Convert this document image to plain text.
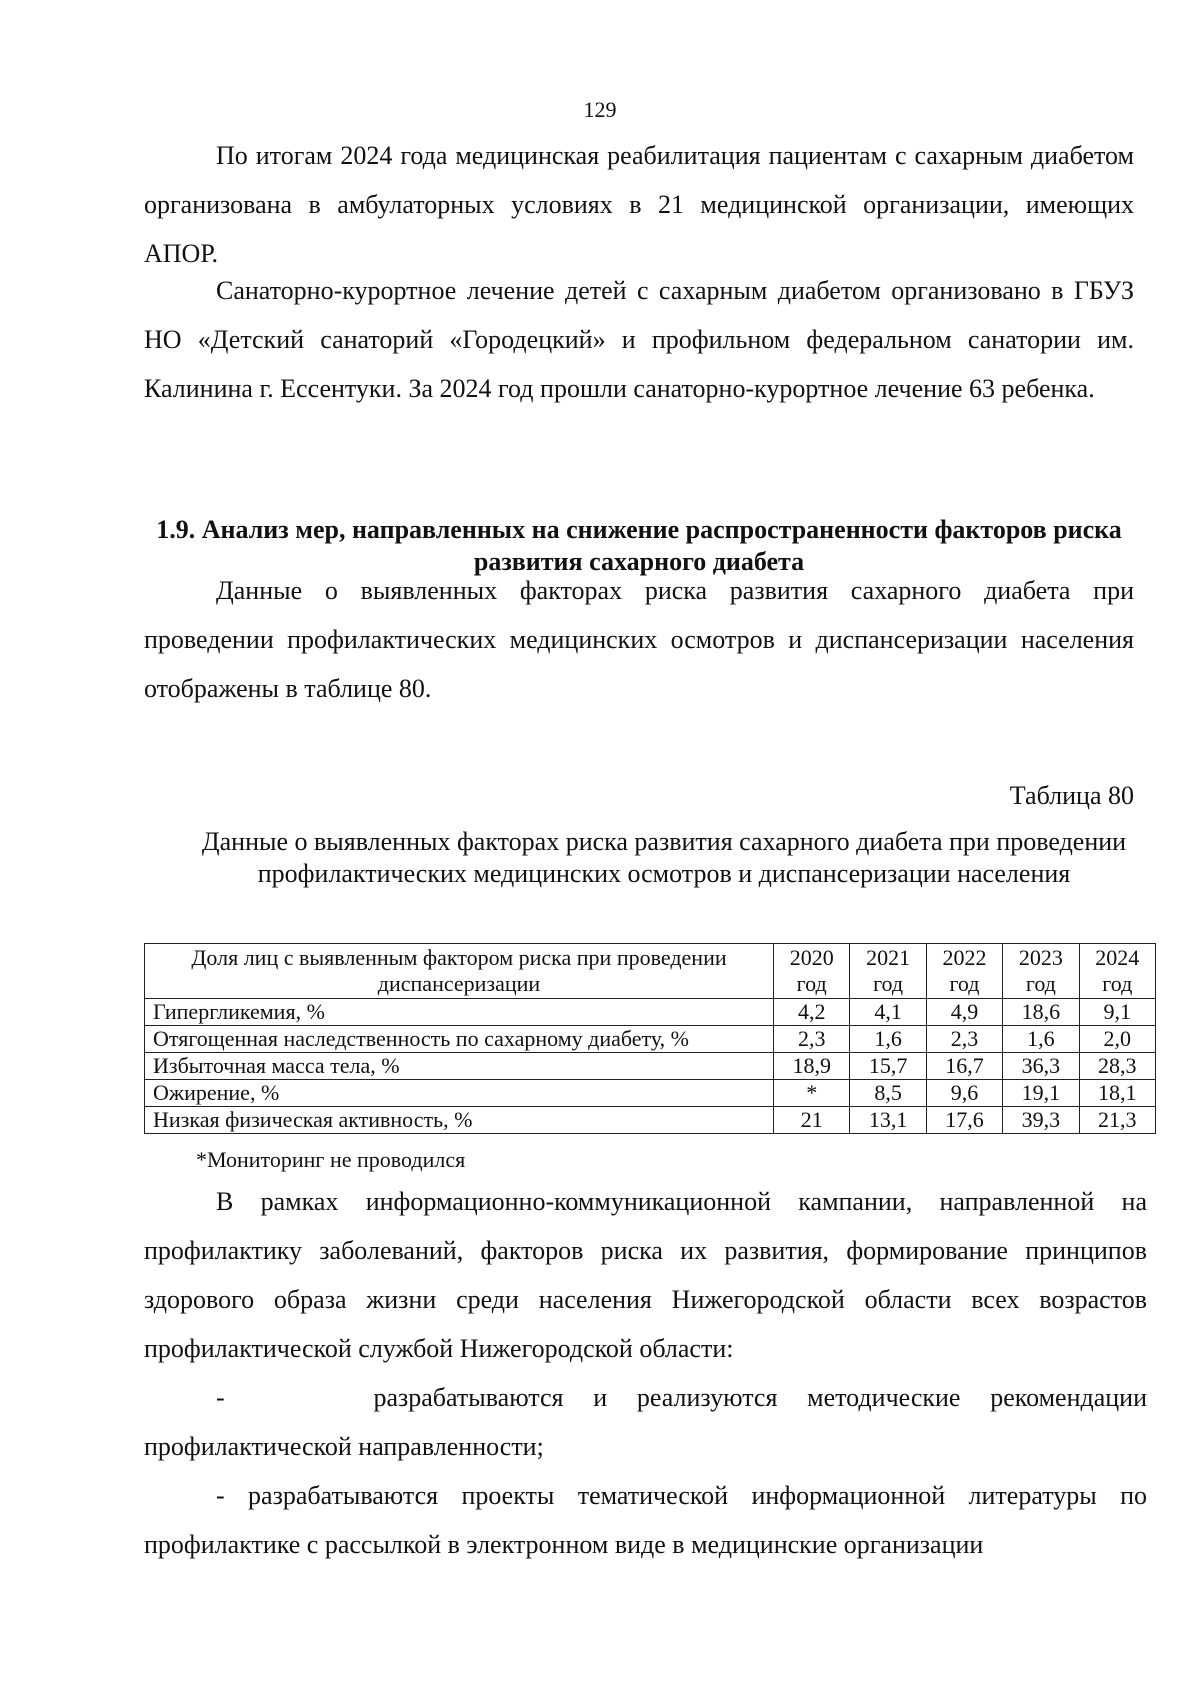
129

По итогам 2024 года медицинская реабилитация пациентам с сахарным диабетом организована в амбулаторных условиях в 21 медицинской организации, имеющих АПОР.

Санаторно-курортное лечение детей с сахарным диабетом организовано в ГБУЗ НО «Детский санаторий «Городецкий» и профильном федеральном санатории им. Калинина г. Ессентуки. За 2024 год прошли санаторно-курортное лечение 63 ребенка.

1.9. Анализ мер, направленных на снижение распространенности факторов риска развития сахарного диабета

Данные о выявленных факторах риска развития сахарного диабета при проведении профилактических медицинских осмотров и диспансеризации населения отображены в таблице 80.

Таблица 80

Данные о выявленных факторах риска развития сахарного диабета при проведении профилактических медицинских осмотров и диспансеризации населения

Доля лиц с выявленным фактором риска при проведении диспансеризации	2020 год	2021 год	2022 год	2023 год	2024 год
Гипергликемия, %	4,2	4,1	4,9	18,6	9,1
Отягощенная наследственность по сахарному диабету, %	2,3	1,6	2,3	1,6	2,0
Избыточная масса тела, %	18,9	15,7	16,7	36,3	28,3
Ожирение, %	*	8,5	9,6	19,1	18,1
Низкая физическая активность, %	21	13,1	17,6	39,3	21,3
*Мониторинг не проводился

В рамках информационно-коммуникационной кампании, направленной на профилактику заболеваний, факторов риска их развития, формирование принципов здорового образа жизни среди населения Нижегородской области всех возрастов профилактической службой Нижегородской области:

-     разрабатываются и реализуются методические рекомендации профилактической направленности;

- разрабатываются проекты тематической информационной литературы по профилактике с рассылкой в электронном виде в медицинские организации
